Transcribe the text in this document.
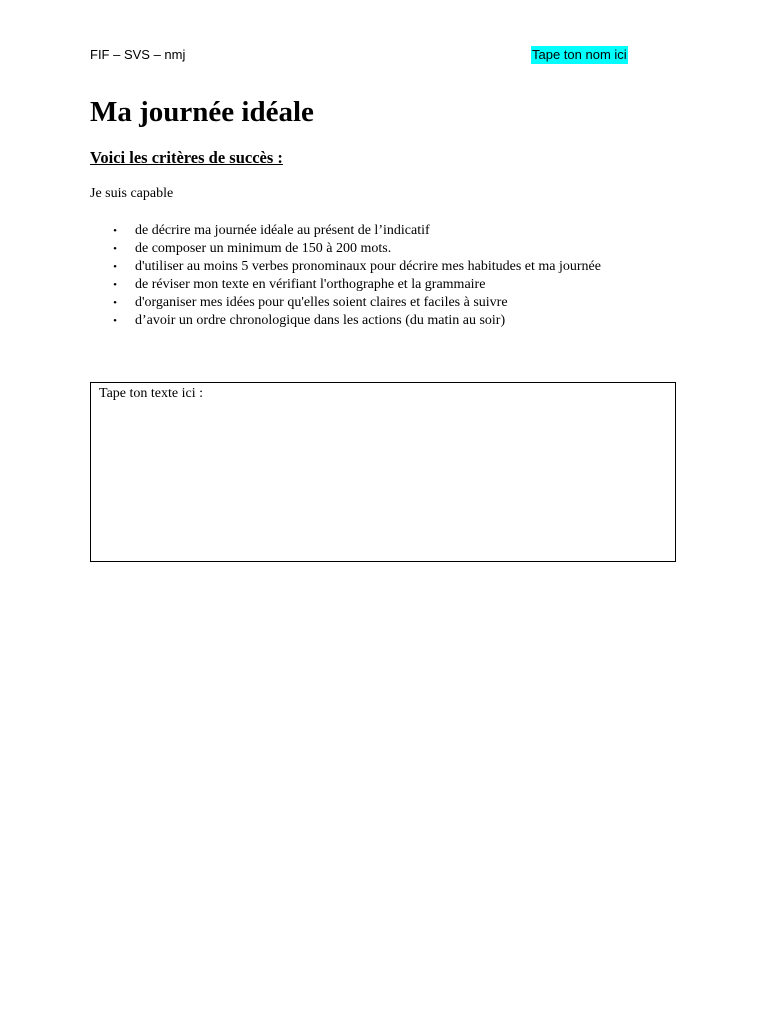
FIF – SVS – nmj	Tape ton nom ici
Ma journée idéale
Voici les critères de succès :

Je suis capable

• de décrire ma journée idéale au présent de l’indicatif
• de composer un minimum de 150 à 200 mots.
• d'utiliser au moins 5 verbes pronominaux pour décrire mes habitudes et ma journée
• de réviser mon texte en vérifiant l'orthographe et la grammaire
• d'organiser mes idées pour qu'elles soient claires et faciles à suivre
• d’avoir un ordre chronologique dans les actions (du matin au soir)
Tape ton texte ici :
